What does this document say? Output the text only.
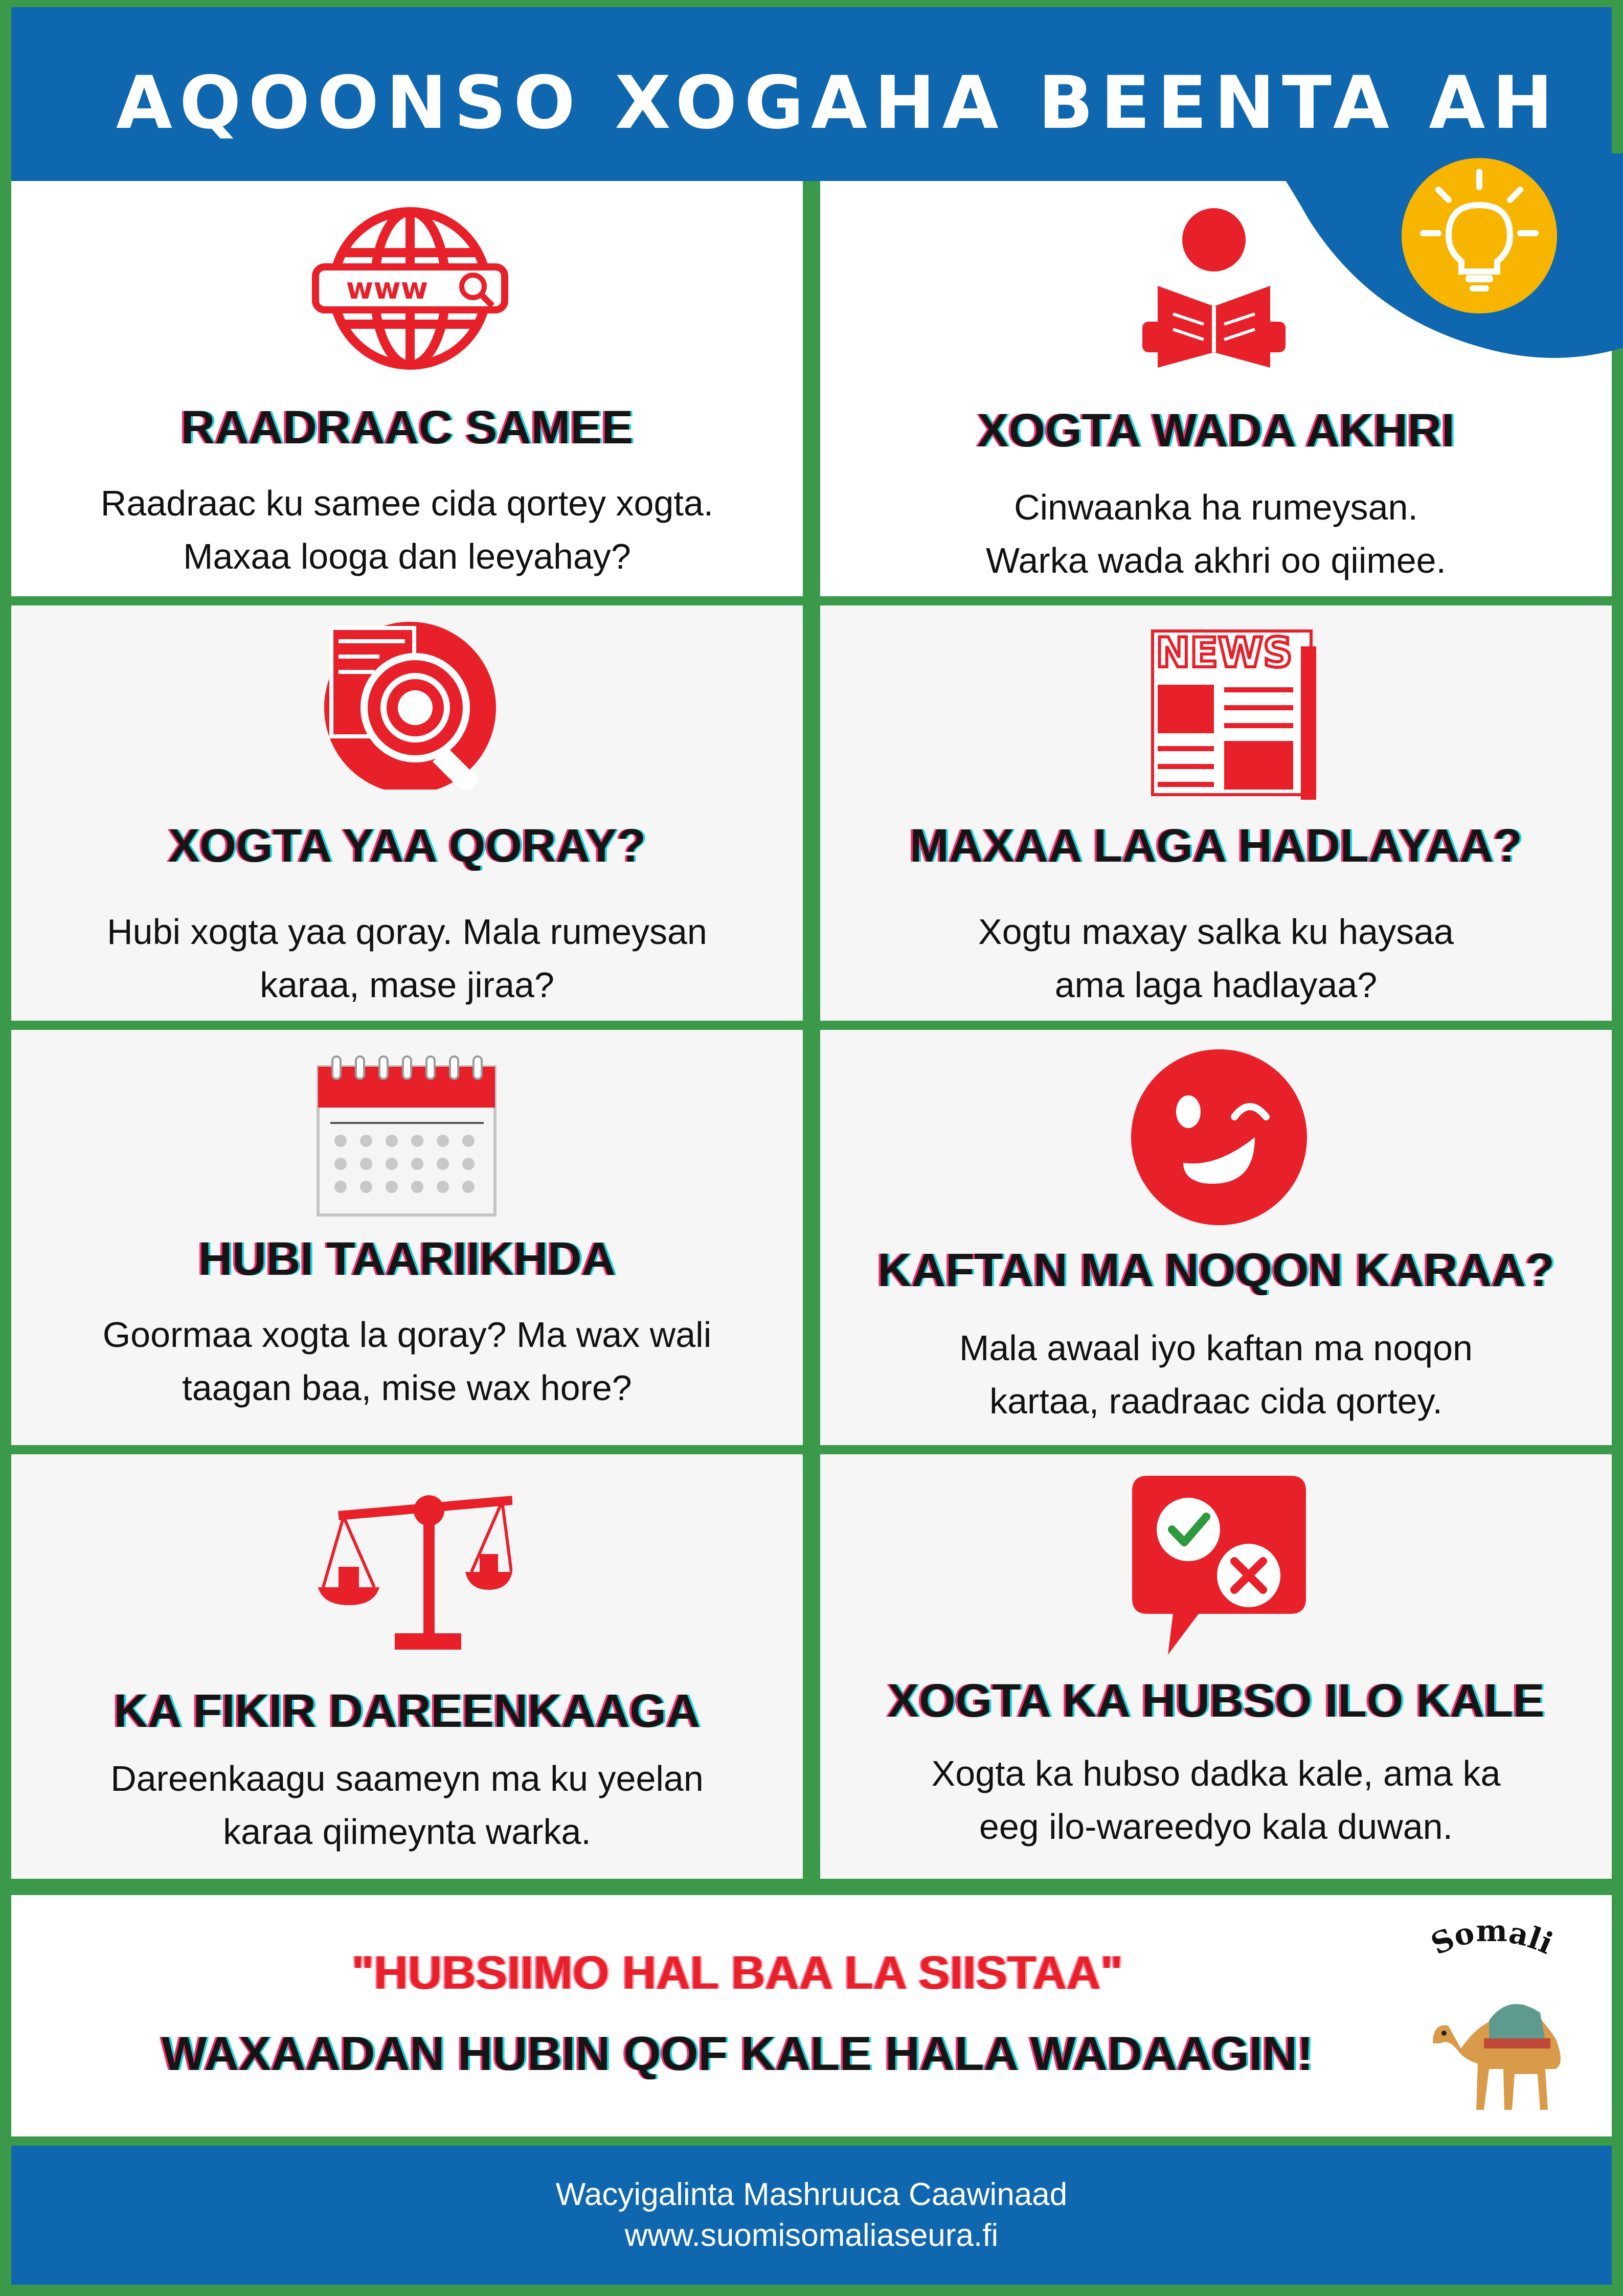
AQOONSO XOGAHA BEENTA AH
www
RAADRAAC SAMEE
Raadraac ku samee cida qortey xogta.
Maxaa looga dan leeyahay?
XOGTA WADA AKHRI
Cinwaanka ha rumeysan.
Warka wada akhri oo qiimee.
XOGTA YAA QORAY?
Hubi xogta yaa qoray. Mala rumeysan
karaa, mase jiraa?
NEWS
MAXAA LAGA HADLAYAA?
Xogtu maxay salka ku haysaa
ama laga hadlayaa?
HUBI TAARIIKHDA
Goormaa xogta la qoray? Ma wax wali
taagan baa, mise wax hore?
KAFTAN MA NOQON KARAA?
Mala awaal iyo kaftan ma noqon
kartaa, raadraac cida qortey.
KA FIKIR DAREENKAAGA
Dareenkaagu saameyn ma ku yeelan
karaa qiimeynta warka.
XOGTA KA HUBSO ILO KALE
Xogta ka hubso dadka kale, ama ka
eeg ilo-wareedyo kala duwan.
"HUBSIIMO HAL BAA LA SIISTAA"
WAXAADAN HUBIN QOF KALE HALA WADAAGIN!
Somali
Wacyigalinta Mashruuca Caawinaad
www.suomisomaliaseura.fi
